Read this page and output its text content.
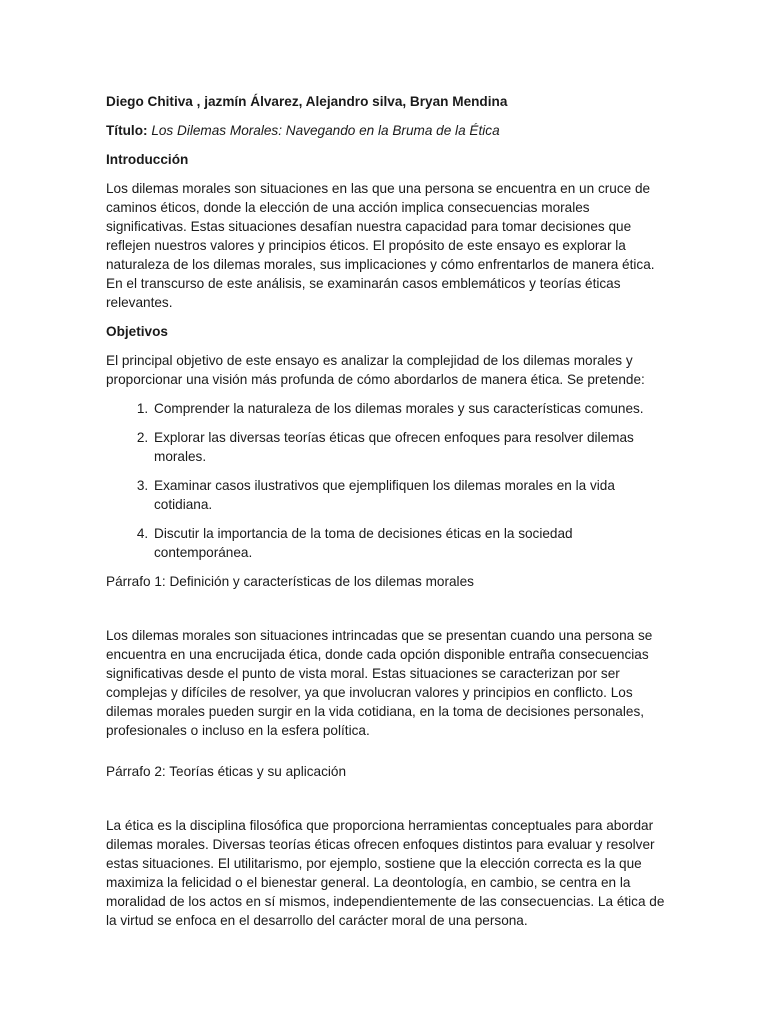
Diego Chitiva , jazmín Álvarez, Alejandro silva, Bryan Mendina
Título: Los Dilemas Morales: Navegando en la Bruma de la Ética
Introducción

Los dilemas morales son situaciones en las que una persona se encuentra en un cruce de caminos éticos, donde la elección de una acción implica consecuencias morales significativas. Estas situaciones desafían nuestra capacidad para tomar decisiones que reflejen nuestros valores y principios éticos. El propósito de este ensayo es explorar la naturaleza de los dilemas morales, sus implicaciones y cómo enfrentarlos de manera ética. En el transcurso de este análisis, se examinarán casos emblemáticos y teorías éticas relevantes.

Objetivos

El principal objetivo de este ensayo es analizar la complejidad de los dilemas morales y proporcionar una visión más profunda de cómo abordarlos de manera ética. Se pretende:

1. Comprender la naturaleza de los dilemas morales y sus características comunes.
2. Explorar las diversas teorías éticas que ofrecen enfoques para resolver dilemas morales.
3. Examinar casos ilustrativos que ejemplifiquen los dilemas morales en la vida cotidiana.
4. Discutir la importancia de la toma de decisiones éticas en la sociedad contemporánea.
Párrafo 1: Definición y características de los dilemas morales

Los dilemas morales son situaciones intrincadas que se presentan cuando una persona se encuentra en una encrucijada ética, donde cada opción disponible entraña consecuencias significativas desde el punto de vista moral. Estas situaciones se caracterizan por ser complejas y difíciles de resolver, ya que involucran valores y principios en conflicto. Los dilemas morales pueden surgir en la vida cotidiana, en la toma de decisiones personales, profesionales o incluso en la esfera política.

Párrafo 2: Teorías éticas y su aplicación

La ética es la disciplina filosófica que proporciona herramientas conceptuales para abordar dilemas morales. Diversas teorías éticas ofrecen enfoques distintos para evaluar y resolver estas situaciones. El utilitarismo, por ejemplo, sostiene que la elección correcta es la que maximiza la felicidad o el bienestar general. La deontología, en cambio, se centra en la moralidad de los actos en sí mismos, independientemente de las consecuencias. La ética de la virtud se enfoca en el desarrollo del carácter moral de una persona.
